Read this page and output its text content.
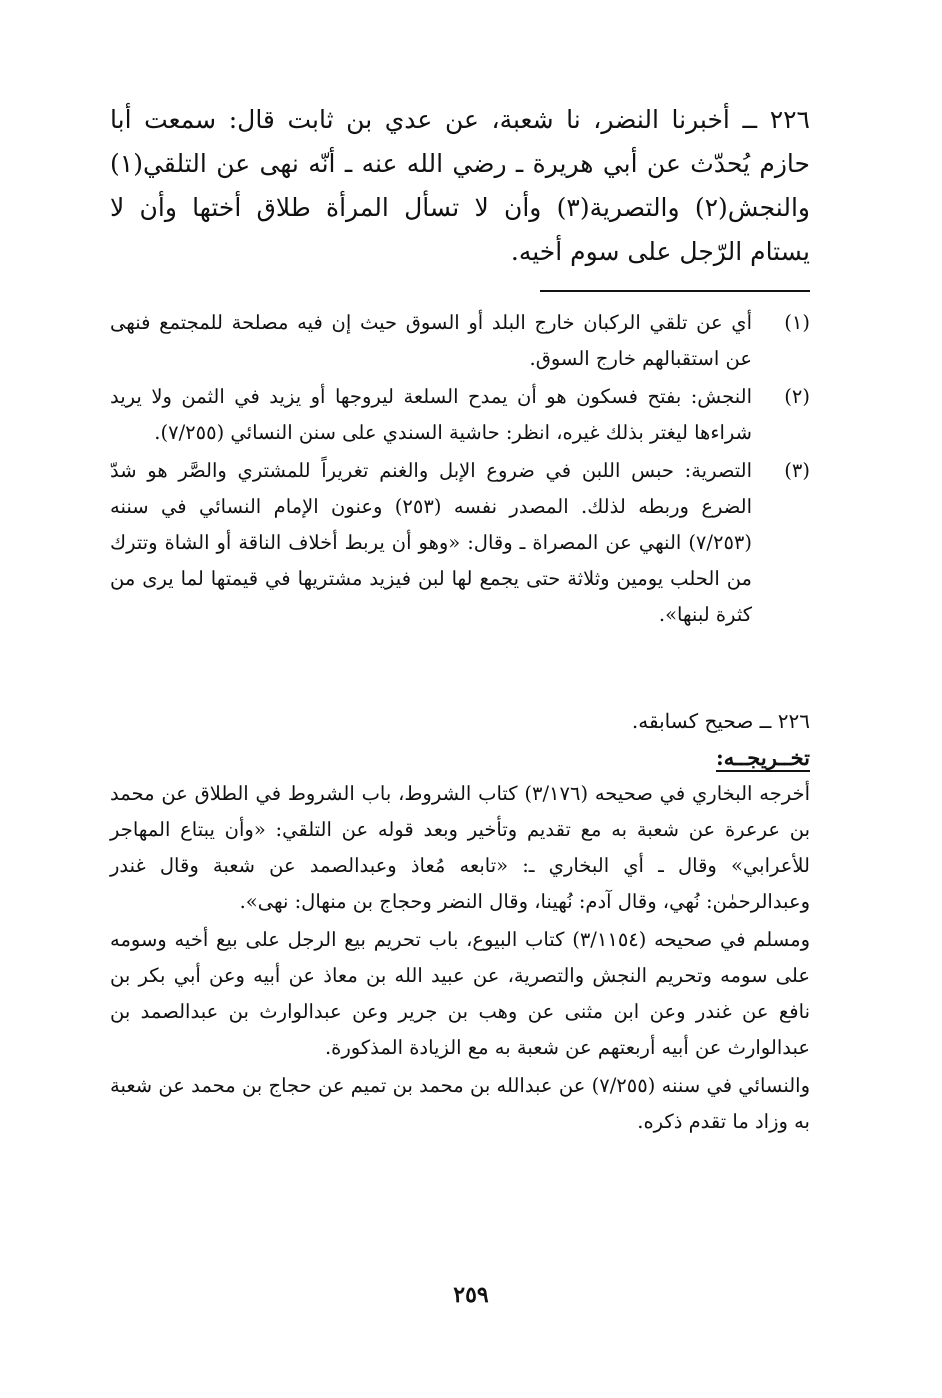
٢٢٦ ــ أخبرنا النضر، نا شعبة، عن عدي بن ثابت قال: سمعت أبا حازم يُحدّث عن أبي هريرة ـ رضي الله عنه ـ أنّه نهى عن التلقي(١) والنجش(٢) والتصرية(٣) وأن لا تسأل المرأة طلاق أختها وأن لا يستام الرّجل على سوم أخيه.

(١)
أي عن تلقي الركبان خارج البلد أو السوق حيث إن فيه مصلحة للمجتمع فنهى عن استقبالهم خارج السوق.
(٢)
النجش: بفتح فسكون هو أن يمدح السلعة ليروجها أو يزيد في الثمن ولا يريد شراءها ليغتر بذلك غيره، انظر: حاشية السندي على سنن النسائي (٧/٢٥٥).
(٣)
التصرية: حبس اللبن في ضروع الإبل والغنم تغريراً للمشتري والصَّر هو شدّ الضرع وربطه لذلك. المصدر نفسه (٢٥٣) وعنون الإمام النسائي في سننه (٧/٢٥٣) النهي عن المصراة ـ وقال: «وهو أن يربط أخلاف الناقة أو الشاة وتترك من الحلب يومين وثلاثة حتى يجمع لها لبن فيزيد مشتريها في قيمتها لما يرى من كثرة لبنها».

٢٢٦ ــ صحيح كسابقه.

تخــريجــه:

أخرجه البخاري في صحيحه (٣/١٧٦) كتاب الشروط، باب الشروط في الطلاق عن محمد بن عرعرة عن شعبة به مع تقديم وتأخير وبعد قوله عن التلقي: «وأن يبتاع المهاجر للأعرابي» وقال ـ أي البخاري ـ: «تابعه مُعاذ وعبدالصمد عن شعبة وقال غندر وعبدالرحمٰن: نُهي، وقال آدم: نُهينا، وقال النضر وحجاج بن منهال: نهى».

ومسلم في صحيحه (٣/١١٥٤) كتاب البيوع، باب تحريم بيع الرجل على بيع أخيه وسومه على سومه وتحريم النجش والتصرية، عن عبيد الله بن معاذ عن أبيه وعن أبي بكر بن نافع عن غندر وعن ابن مثنى عن وهب بن جرير وعن عبدالوارث بن عبدالصمد بن عبدالوارث عن أبيه أربعتهم عن شعبة به مع الزيادة المذكورة.

والنسائي في سننه (٧/٢٥٥) عن عبدالله بن محمد بن تميم عن حجاج بن محمد عن شعبة به وزاد ما تقدم ذكره.

٢٥٩
